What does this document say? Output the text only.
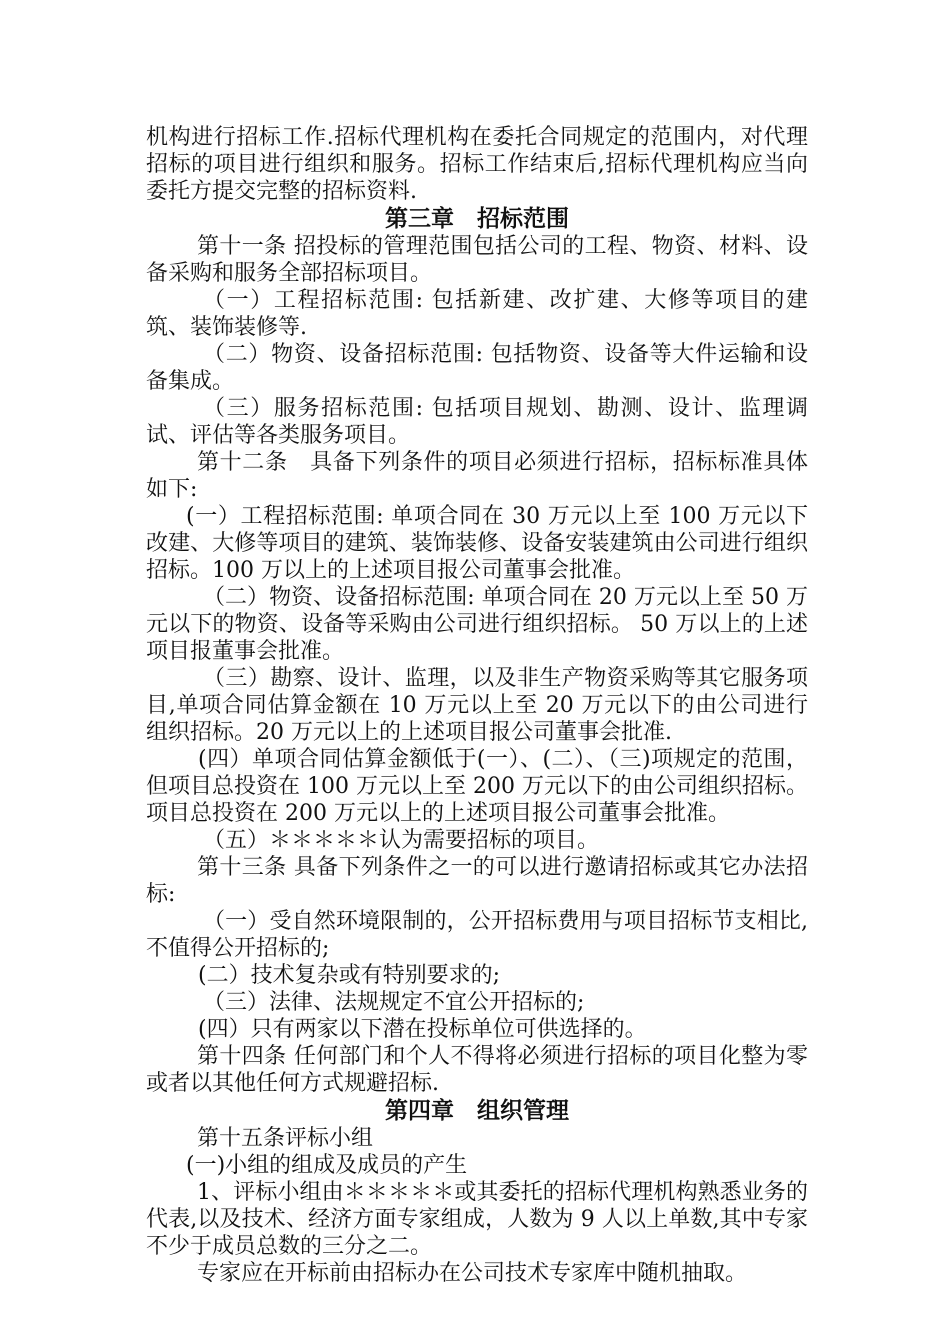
机构进行招标工作.招标代理机构在委托合同规定的范围内，对代理招标的项目进行组织和服务。招标工作结束后,招标代理机构应当向委托方提交完整的招标资料.

第三章　招标范围

第十一条 招投标的管理范围包括公司的工程、物资、材料、设备采购和服务全部招标项目。

（一）工程招标范围: 包括新建、改扩建、大修等项目的建筑、装饰装修等.

（二）物资、设备招标范围: 包括物资、设备等大件运输和设备集成。

（三）服务招标范围: 包括项目规划、勘测、设计、监理调试、评估等各类服务项目。

第十二条　具备下列条件的项目必须进行招标，招标标准具体如下:

(一）工程招标范围: 单项合同在 30 万元以上至 100 万元以下改建、大修等项目的建筑、装饰装修、设备安装建筑由公司进行组织招标。100 万以上的上述项目报公司董事会批准。

（二）物资、设备招标范围: 单项合同在 20 万元以上至 50 万元以下的物资、设备等采购由公司进行组织招标。 50 万以上的上述项目报董事会批准。

（三）勘察、设计、监理，以及非生产物资采购等其它服务项目,单项合同估算金额在 10 万元以上至 20 万元以下的由公司进行组织招标。20 万元以上的上述项目报公司董事会批准.

(四）单项合同估算金额低于(一）、(二）、（三)项规定的范围，但项目总投资在 100 万元以上至 200 万元以下的由公司组织招标。项目总投资在 200 万元以上的上述项目报公司董事会批准。

（五）＊＊＊＊＊认为需要招标的项目。

第十三条 具备下列条件之一的可以进行邀请招标或其它办法招标:

（一）受自然环境限制的，公开招标费用与项目招标节支相比,不值得公开招标的;

(二）技术复杂或有特别要求的;

（三）法律、法规规定不宜公开招标的;

(四）只有两家以下潜在投标单位可供选择的。

第十四条 任何部门和个人不得将必须进行招标的项目化整为零或者以其他任何方式规避招标.

第四章　组织管理

第十五条评标小组

(一)小组的组成及成员的产生

1、评标小组由＊＊＊＊＊或其委托的招标代理机构熟悉业务的代表,以及技术、经济方面专家组成，人数为 9 人以上单数,其中专家不少于成员总数的三分之二。

专家应在开标前由招标办在公司技术专家库中随机抽取。
